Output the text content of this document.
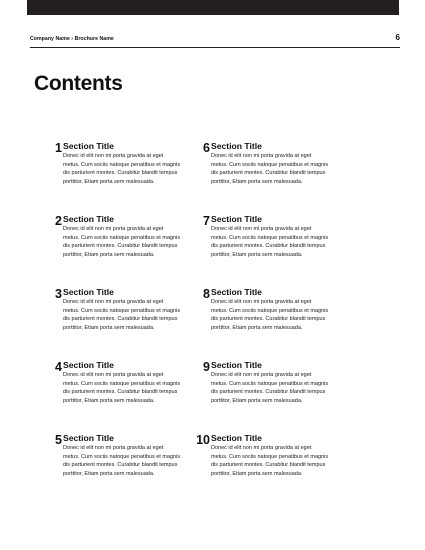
Company Name › Brochure Name	6
Contents
1 Section Title
Donec id elit non mi porta gravida at eget metus. Cum sociis natoque penatibus et magnis dis parturient montes. Curabitur blandit tempus porttitor, Etiam porta sem malesuada.
2 Section Title
Donec id elit non mi porta gravida at eget metus. Cum sociis natoque penatibus et magnis dis parturient montes. Curabitur blandit tempus porttitor, Etiam porta sem malesuada.
3 Section Title
Donec id elit non mi porta gravida at eget metus. Cum sociis natoque penatibus et magnis dis parturient montes. Curabitur blandit tempus porttitor, Etiam porta sem malesuada.
4 Section Title
Donec id elit non mi porta gravida at eget metus. Cum sociis natoque penatibus et magnis dis parturient montes. Curabitur blandit tempus porttitor, Etiam porta sem malesuada.
5 Section Title
Donec id elit non mi porta gravida at eget metus. Cum sociis natoque penatibus et magnis dis parturient montes. Curabitur blandit tempus porttitor, Etiam porta sem malesuada.
6 Section Title
Donec id elit non mi porta gravida at eget metus. Cum sociis natoque penatibus et magnis dis parturient montes. Curabitur blandit tempus porttitor, Etiam porta sem malesuada.
7 Section Title
Donec id elit non mi porta gravida at eget metus. Cum sociis natoque penatibus et magnis dis parturient montes. Curabitur blandit tempus porttitor, Etiam porta sem malesuada.
8 Section Title
Donec id elit non mi porta gravida at eget metus. Cum sociis natoque penatibus et magnis dis parturient montes. Curabitur blandit tempus porttitor, Etiam porta sem malesuada.
9 Section Title
Donec id elit non mi porta gravida at eget metus. Cum sociis natoque penatibus et magnis dis parturient montes. Curabitur blandit tempus porttitor, Etiam porta sem malesuada.
10 Section Title
Donec id elit non mi porta gravida at eget metus. Cum sociis natoque penatibus et magnis dis parturient montes. Curabitur blandit tempus porttitor, Etiam porta sem malesuada.
